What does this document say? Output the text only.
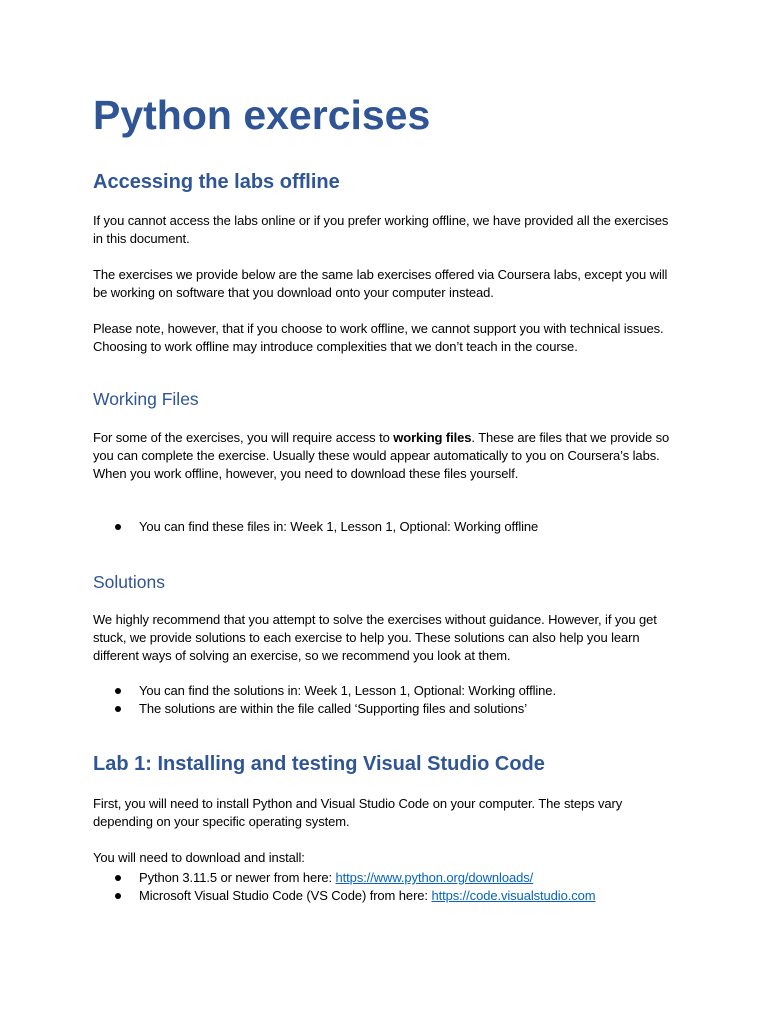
Python exercises
Accessing the labs offline

If you cannot access the labs online or if you prefer working offline, we have provided all the exercises in this document.

The exercises we provide below are the same lab exercises offered via Coursera labs, except you will be working on software that you download onto your computer instead.

Please note, however, that if you choose to work offline, we cannot support you with technical issues. Choosing to work offline may introduce complexities that we don’t teach in the course.

Working Files

For some of the exercises, you will require access to working files. These are files that we provide so you can complete the exercise. Usually these would appear automatically to you on Coursera’s labs. When you work offline, however, you need to download these files yourself.

You can find these files in: Week 1, Lesson 1, Optional: Working offline
Solutions

We highly recommend that you attempt to solve the exercises without guidance. However, if you get stuck, we provide solutions to each exercise to help you. These solutions can also help you learn different ways of solving an exercise, so we recommend you look at them.

You can find the solutions in: Week 1, Lesson 1, Optional: Working offline.
The solutions are within the file called ‘Supporting files and solutions’
Lab 1: Installing and testing Visual Studio Code

First, you will need to install Python and Visual Studio Code on your computer. The steps vary depending on your specific operating system.

You will need to download and install:

Python 3.11.5 or newer from here: https://www.python.org/downloads/
Microsoft Visual Studio Code (VS Code) from here: https://code.visualstudio.com
